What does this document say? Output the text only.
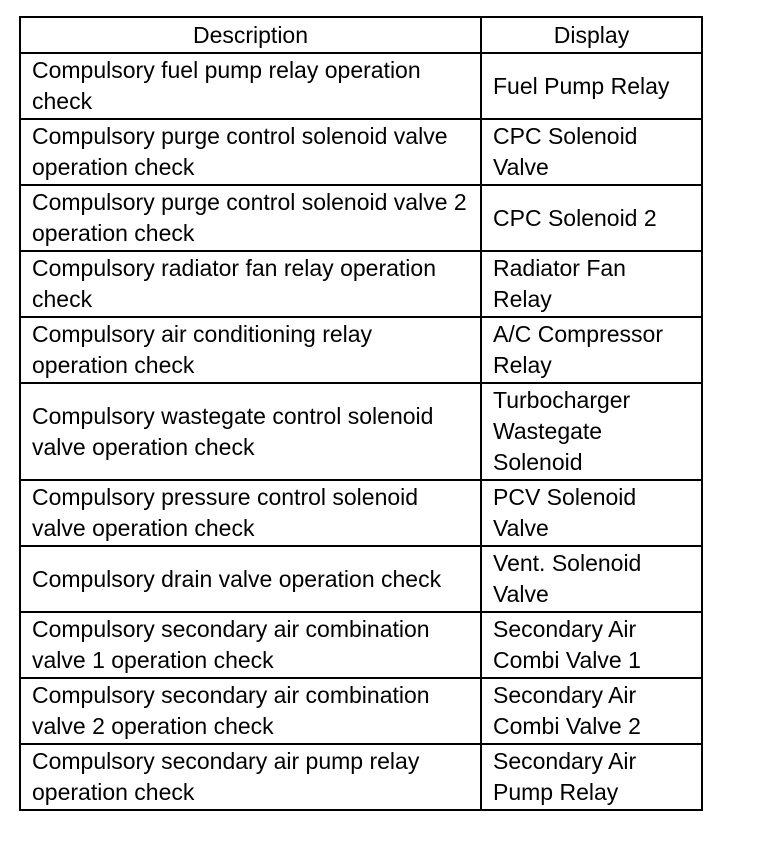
Description	Display
Compulsory fuel pump relay operation check	Fuel Pump Relay
Compulsory purge control solenoid valve operation check	CPC Solenoid Valve
Compulsory purge control solenoid valve 2 operation check	CPC Solenoid 2
Compulsory radiator fan relay operation check	Radiator Fan Relay
Compulsory air conditioning relay operation check	A/C Compressor Relay
Compulsory wastegate control solenoid valve operation check	Turbocharger Wastegate Solenoid
Compulsory pressure control solenoid valve operation check	PCV Solenoid Valve
Compulsory drain valve operation check	Vent. Solenoid Valve
Compulsory secondary air combination valve 1 operation check	Secondary Air Combi Valve 1
Compulsory secondary air combination valve 2 operation check	Secondary Air Combi Valve 2
Compulsory secondary air pump relay operation check	Secondary Air Pump Relay
